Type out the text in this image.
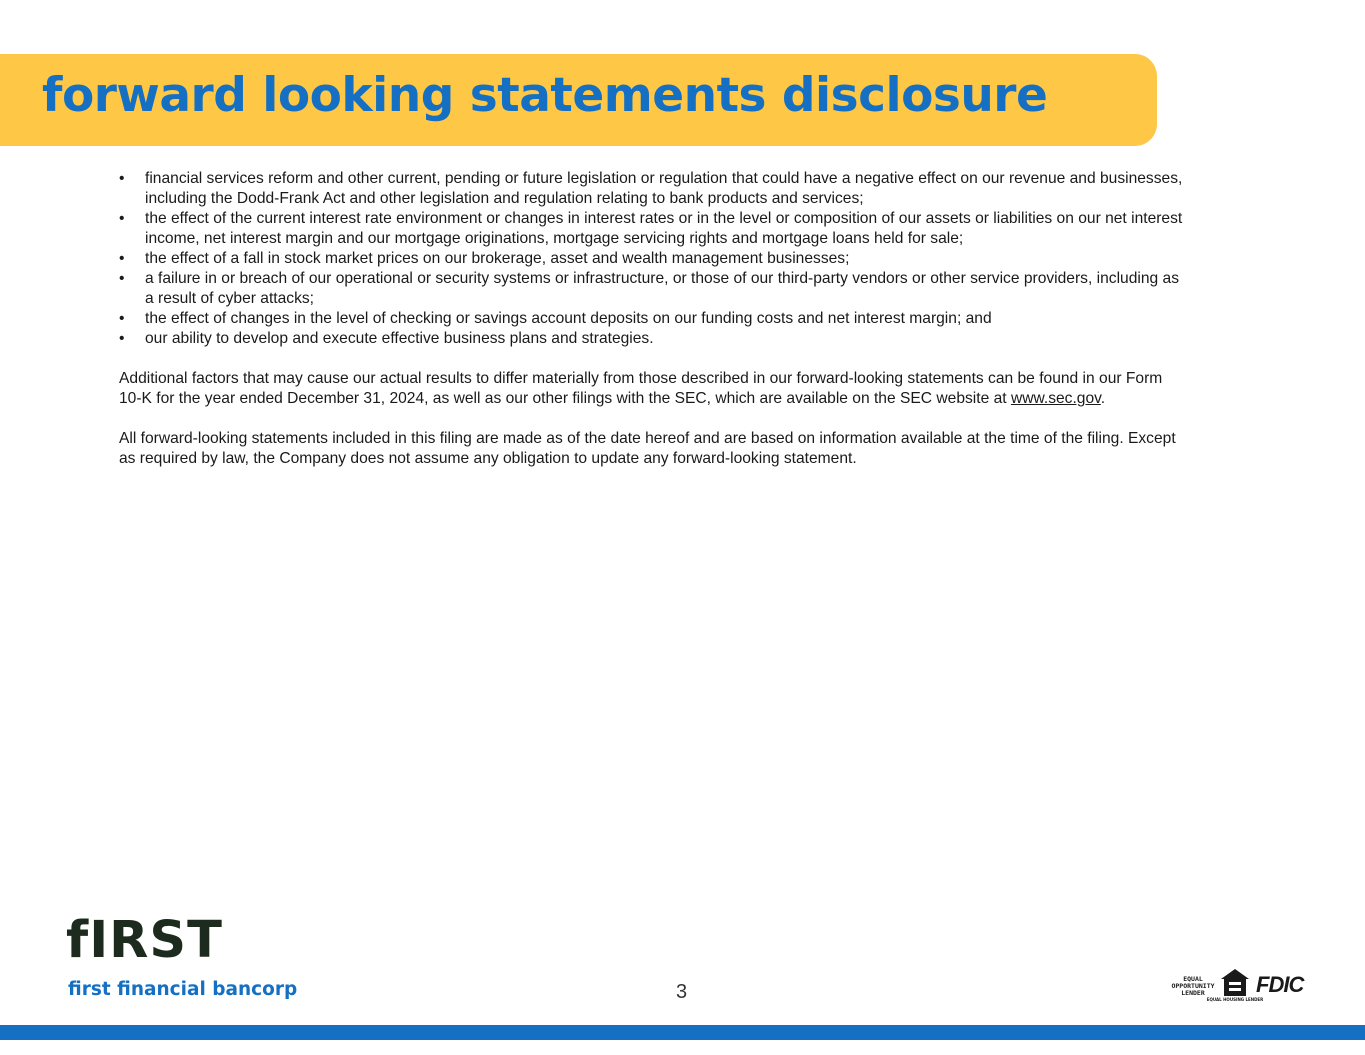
forward looking statements disclosure
• financial services reform and other current, pending or future legislation or regulation that could have a negative effect on our revenue and businesses, including the Dodd-Frank Act and other legislation and regulation relating to bank products and services;
• the effect of the current interest rate environment or changes in interest rates or in the level or composition of our assets or liabilities on our net interest income, net interest margin and our mortgage originations, mortgage servicing rights and mortgage loans held for sale;
• the effect of a fall in stock market prices on our brokerage, asset and wealth management businesses;
• a failure in or breach of our operational or security systems or infrastructure, or those of our third-party vendors or other service providers, including as a result of cyber attacks;
• the effect of changes in the level of checking or savings account deposits on our funding costs and net interest margin; and
• our ability to develop and execute effective business plans and strategies.

Additional factors that may cause our actual results to differ materially from those described in our forward-looking statements can be found in our Form 10-K for the year ended December 31, 2024, as well as our other filings with the SEC, which are available on the SEC website at www.sec.gov.

All forward-looking statements included in this filing are made as of the date hereof and are based on information available at the time of the filing. Except as required by law, the Company does not assume any obligation to update any forward-looking statement.

fIRST
first financial bancorp	3
EQUAL OPPORTUNITY LENDER
EQUAL HOUSING LENDER
FDIC
